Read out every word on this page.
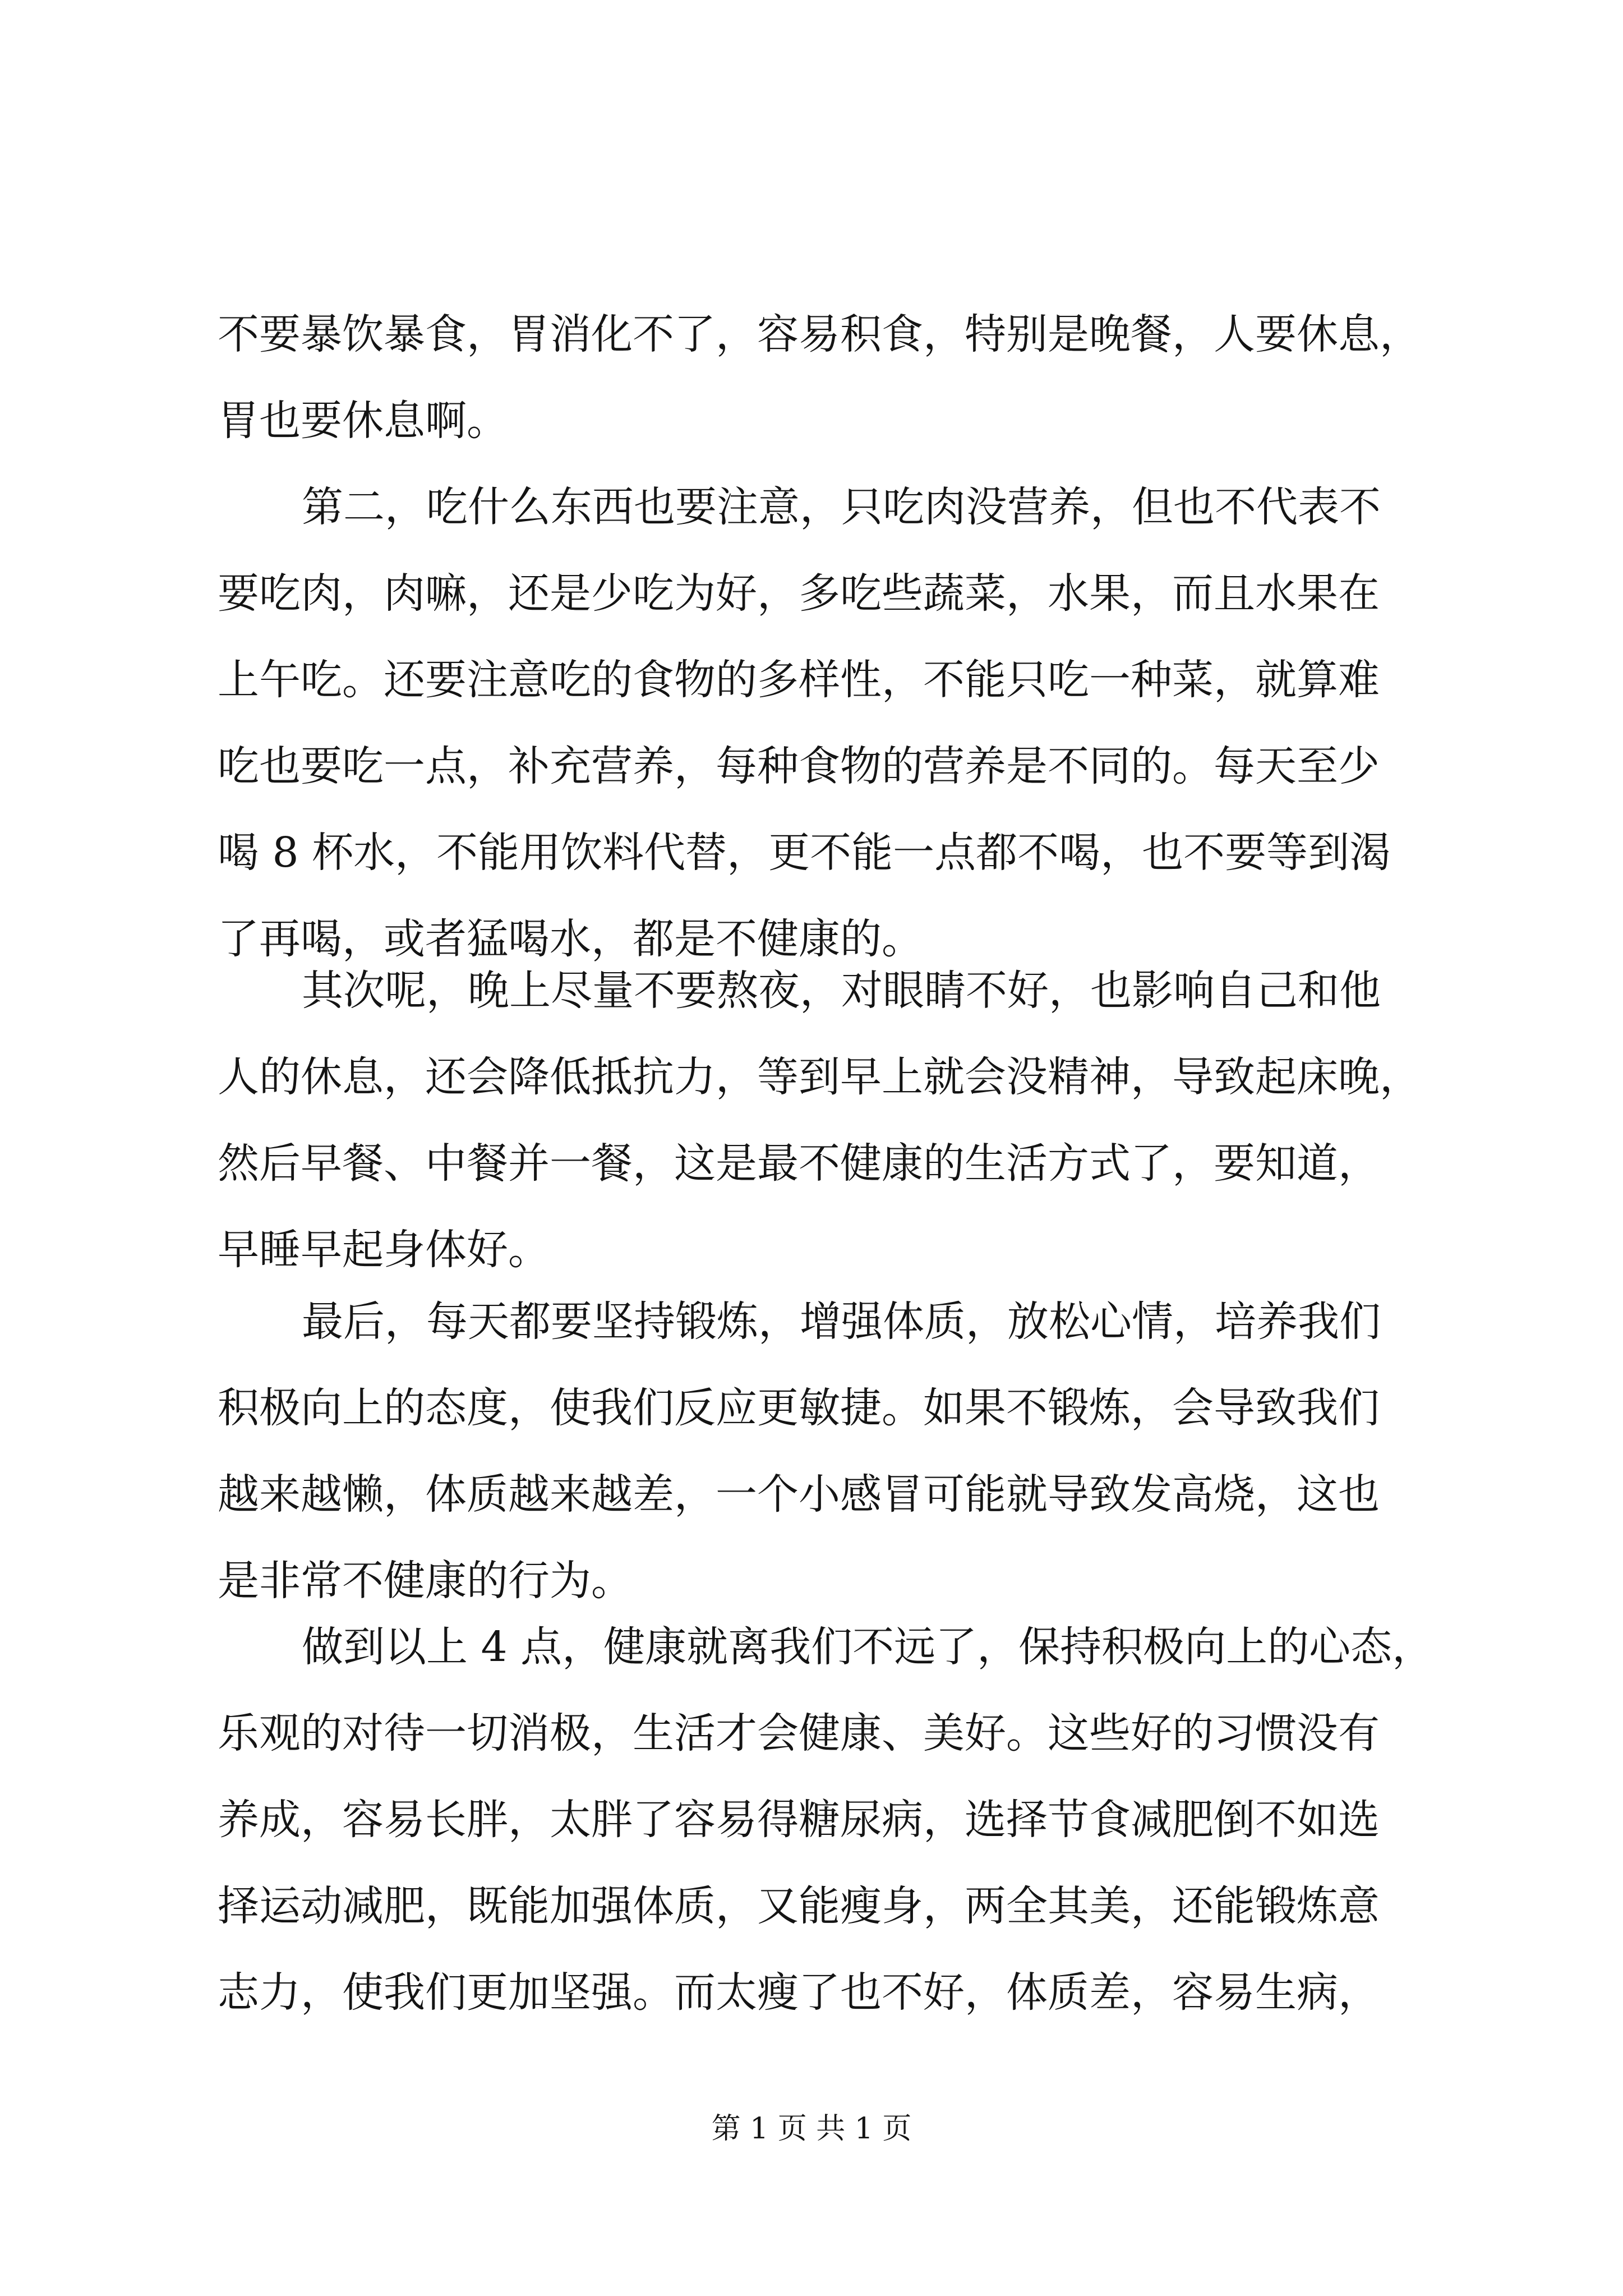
不要暴饮暴食，胃消化不了，容易积食，特别是晚餐，人要休息，
胃也要休息啊。
第二，吃什么东西也要注意，只吃肉没营养，但也不代表不
要吃肉，肉嘛，还是少吃为好，多吃些蔬菜，水果，而且水果在
上午吃。还要注意吃的食物的多样性，不能只吃一种菜，就算难
吃也要吃一点，补充营养，每种食物的营养是不同的。每天至少
喝 8 杯水，不能用饮料代替，更不能一点都不喝，也不要等到渴
了再喝，或者猛喝水，都是不健康的。
其次呢，晚上尽量不要熬夜，对眼睛不好，也影响自己和他
人的休息，还会降低抵抗力，等到早上就会没精神，导致起床晚，
然后早餐、中餐并一餐，这是最不健康的生活方式了，要知道，
早睡早起身体好。
最后，每天都要坚持锻炼，增强体质，放松心情，培养我们
积极向上的态度，使我们反应更敏捷。如果不锻炼，会导致我们
越来越懒，体质越来越差，一个小感冒可能就导致发高烧，这也
是非常不健康的行为。
做到以上 4 点，健康就离我们不远了，保持积极向上的心态，
乐观的对待一切消极，生活才会健康、美好。这些好的习惯没有
养成，容易长胖，太胖了容易得糖尿病，选择节食减肥倒不如选
择运动减肥，既能加强体质，又能瘦身，两全其美，还能锻炼意
志力，使我们更加坚强。而太瘦了也不好，体质差，容易生病，
第 1 页 共 1 页
